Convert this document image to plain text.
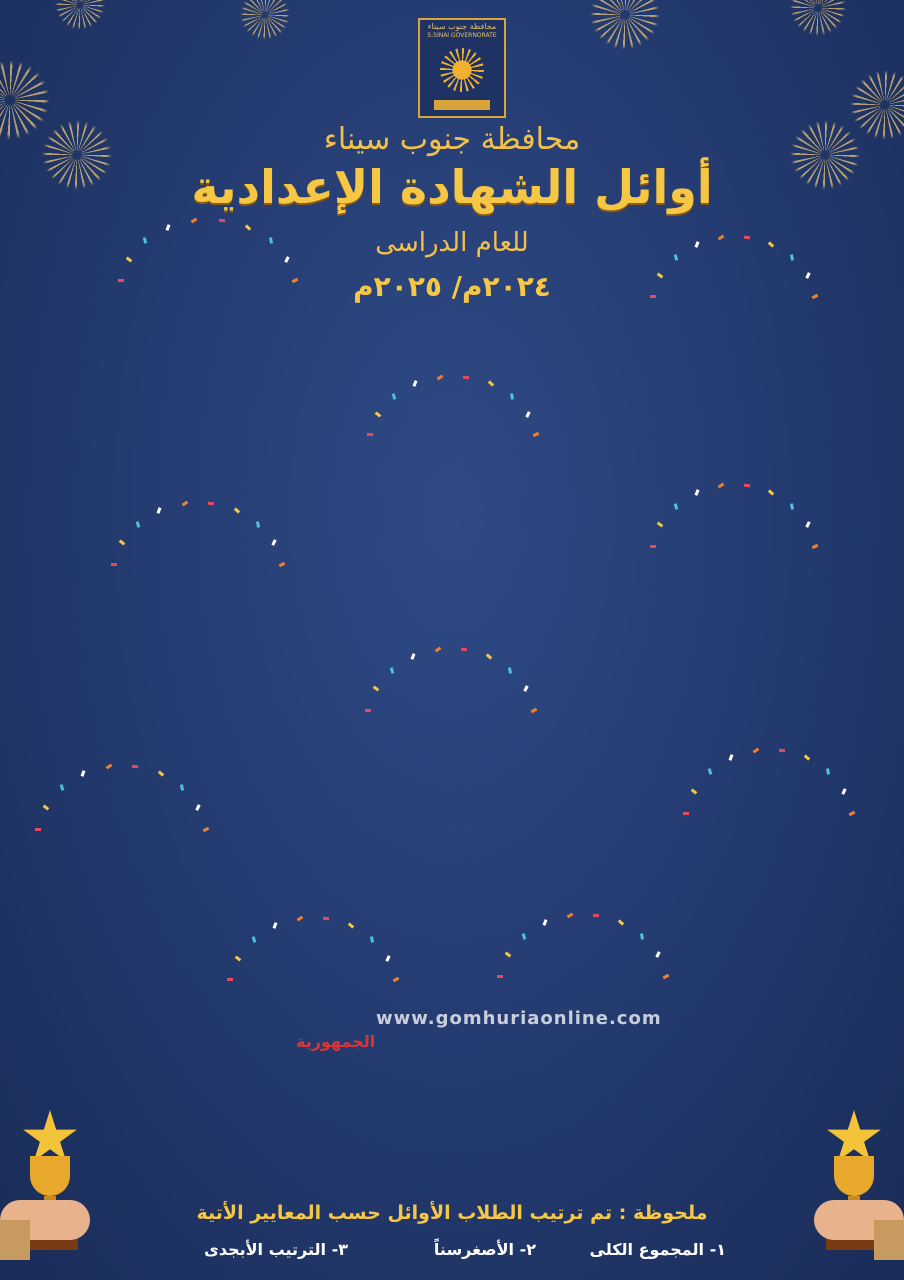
محافظة جنوب سيناء
S.SINAI GOVERNORATE
محافظة جنوب سيناء
أوائل الشهادة الإعدادية
للعام الدراسى
٢٠٢٤م/ ٢٠٢٥م
www.gomhuriaonline.com
الجمهورية
ملحوظة : تم ترتيب الطلاب الأوائل حسب المعايير الأتية
١- المجموع الكلى
٢- الأصغرسناً
٣- الترتيب الأبجدى
